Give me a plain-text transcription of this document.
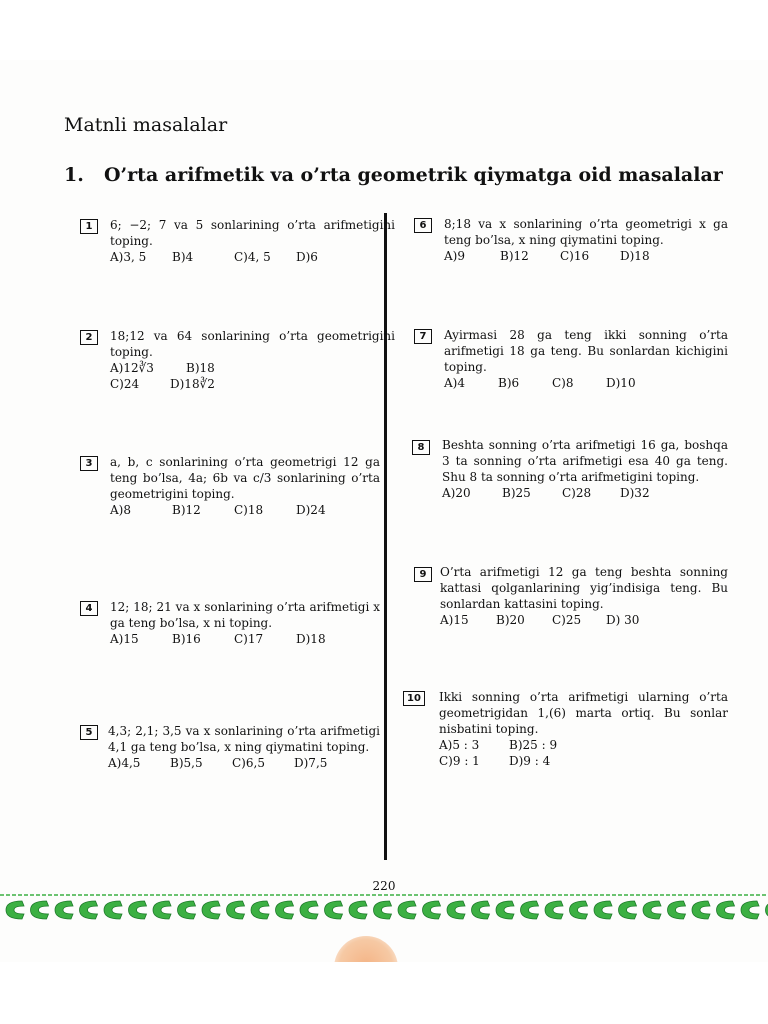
Matnli masalalar
1. O’rta arifmetik va o’rta geometrik qiymatga oid masalalar
1	6; −2; 7 va 5 sonlarining o’rta arifmetigini toping.
A)3, 5	B)4	C)4, 5	D)6
2	18;12 va 64 sonlarining o’rta geometrigini toping.
A)12∛3	B)18
C)24	D)18∛2
3	a, b, c sonlarining o’rta geometrigi 12 ga teng bo’lsa, 4a; 6b va c/3 sonlarining o’rta geometrigini toping.
A)8	B)12	C)18	D)24
4	12; 18; 21 va x sonlarining o’rta arifmetigi x ga teng bo’lsa, x ni toping.
A)15	B)16	C)17	D)18
5	4,3; 2,1; 3,5 va x sonlarining o’rta arifmetigi 4,1 ga teng bo’lsa, x ning qiymatini toping.
A)4,5	B)5,5	C)6,5	D)7,5
6	8;18 va x sonlarining o’rta geometrigi x ga teng bo’lsa, x ning qiymatini toping.
A)9	B)12	C)16	D)18
7	Ayirmasi 28 ga teng ikki sonning o’rta arifmetigi 18 ga teng. Bu sonlardan kichigini toping.
A)4	B)6	C)8	D)10
8	Beshta sonning o’rta arifmetigi 16 ga, boshqa 3 ta sonning o’rta arifmetigi esa 40 ga teng. Shu 8 ta sonning o’rta arifmetigini toping.
A)20	B)25	C)28	D)32
9	O’rta arifmetigi 12 ga teng beshta sonning kattasi qolganlarining yig’indisiga teng. Bu sonlardan kattasini toping.
A)15	B)20	C)25	D) 30
10	Ikki sonning o’rta arifmetigi ularning o’rta geometrigidan 1,(6) marta ortiq. Bu sonlar nisbatini toping.
A)5 : 3	B)25 : 9
C)9 : 1	D)9 : 4
220
